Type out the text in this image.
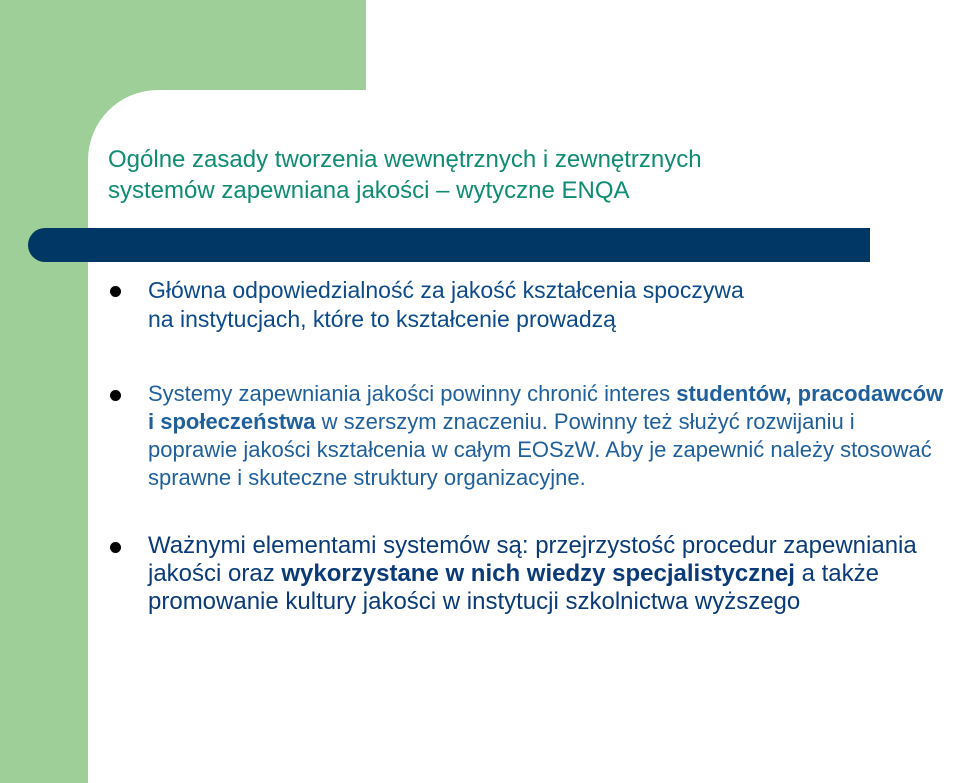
Ogólne zasady tworzenia wewnętrznych i zewnętrznych
systemów zapewniana jakości – wytyczne ENQA
Główna odpowiedzialność za jakość kształcenia spoczywa
na instytucjach, które to kształcenie prowadzą
Systemy zapewniania jakości powinny chronić interes studentów, pracodawców i społeczeństwa w szerszym znaczeniu. Powinny też służyć rozwijaniu i poprawie jakości kształcenia w całym EOSzW. Aby je zapewnić należy stosować sprawne i skuteczne struktury organizacyjne.
Ważnymi elementami systemów są: przejrzystość procedur zapewniania jakości oraz wykorzystane w nich wiedzy specjalistycznej a także promowanie kultury jakości w instytucji szkolnictwa wyższego
